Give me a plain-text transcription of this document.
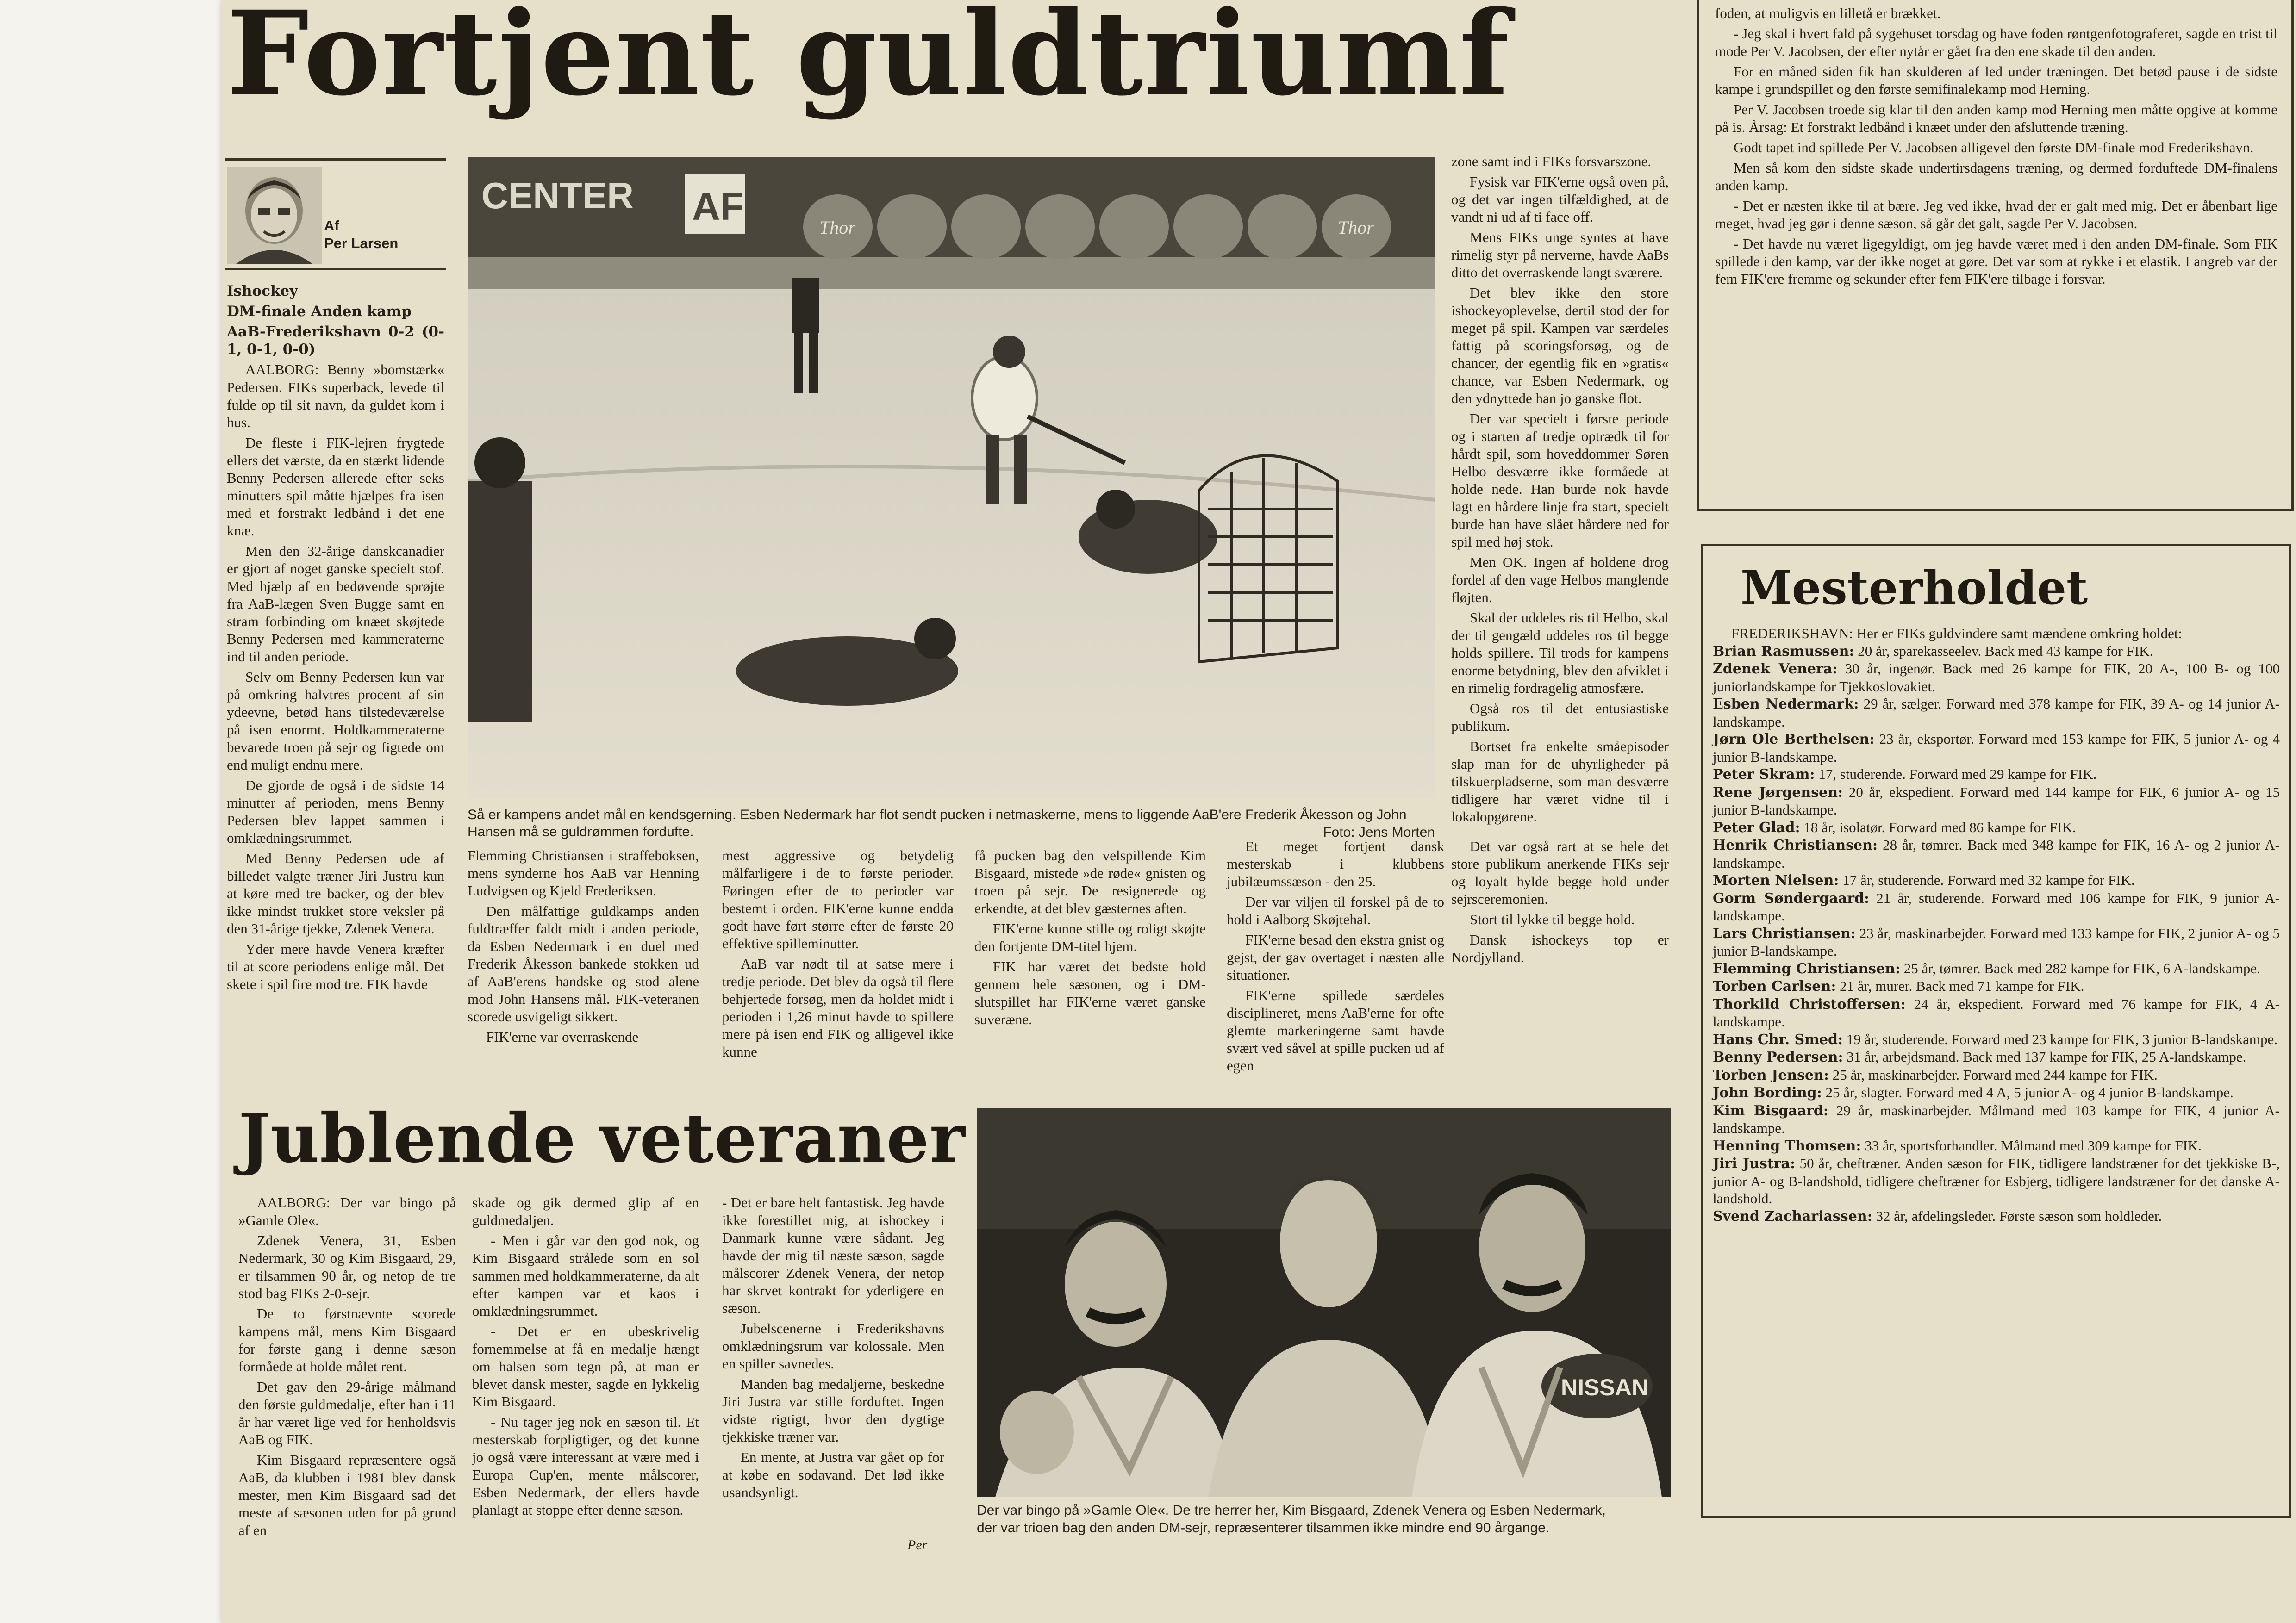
Fortjent guldtriumf
Af
Per Larsen

Ishockey

DM-finale Anden kamp

AaB-Frederikshavn 0-2 (0-1, 0-1, 0-0)

AALBORG: Benny »bomstærk« Pedersen. FIKs superback, levede til fulde op til sit navn, da guldet kom i hus.

De fleste i FIK-lejren frygtede ellers det værste, da en stærkt lidende Benny Pedersen allerede efter seks minutters spil måtte hjælpes fra isen med et forstrakt ledbånd i det ene knæ.

Men den 32-årige danskcanadier er gjort af noget ganske specielt stof. Med hjælp af en bedøvende sprøjte fra AaB-lægen Sven Bugge samt en stram forbinding om knæet skøjtede Benny Pedersen med kammeraterne ind til anden periode.

Selv om Benny Pedersen kun var på omkring halvtres procent af sin ydeevne, betød hans tilstedeværelse på isen enormt. Holdkammeraterne bevarede troen på sejr og figtede om end muligt endnu mere.

De gjorde de også i de sidste 14 minutter af perioden, mens Benny Pedersen blev lappet sammen i omklædningsrummet.

Med Benny Pedersen ude af billedet valgte træner Jiri Justru kun at køre med tre backer, og der blev ikke mindst trukket store veksler på den 31-årige tjekke, Zdenek Venera.

Yder mere havde Venera kræfter til at score periodens enlige mål. Det skete i spil fire mod tre. FIK havde

CENTER AF	Thor	Thor
Så er kampens andet mål en kendsgerning. Esben Nedermark har flot sendt pucken i netmaskerne, mens to liggende AaB'ere Frederik Åkesson og John Hansen må se guldrømmen forduftе.	Foto: Jens Morten

Flemming Christiansen i straffeboksen, mens synderne hos AaB var Henning Ludvigsen og Kjeld Frederiksen.

Den målfattige guldkamps anden fuldtræffer faldt midt i anden periode, da Esben Nedermark i en duel med Frederik Åkesson bankede stokken ud af AaB'erens handske og stod alene mod John Hansens mål. FIK-veteranen scorede usvigeligt sikkert.

FIK'erne var overraskende

mest aggressive og betydelig målfarligere i de to første perioder. Føringen efter de to perioder var bestemt i orden. FIK'erne kunne endda godt have ført større efter de første 20 effektive spilleminutter.

AaB var nødt til at satse mere i tredje periode. Det blev da også til flere behjertede forsøg, men da holdet midt i perioden i 1,26 minut havde to spillere mere på isen end FIK og alligevel ikke kunne

få pucken bag den velspillende Kim Bisgaard, mistede »de røde« gnisten og troen på sejr. De resignerede og erkendte, at det blev gæsternes aften.

FIK'erne kunne stille og roligt skøjte den fortjente DM-titel hjem.

FIK har været det bedste hold gennem hele sæsonen, og i DM-slutspillet har FIK'erne været ganske suveræne.

zone samt ind i FIKs forsvarszone.

Fysisk var FIK'erne også oven på, og det var ingen tilfældighed, at de vandt ni ud af ti face off.

Mens FIKs unge syntes at have rimelig styr på nerverne, havde AaBs ditto det overraskende langt sværere.

Det blev ikke den store ishockeyoplevelse, dertil stod der for meget på spil. Kampen var særdeles fattig på scoringsforsøg, og de chancer, der egentlig fik en »gratis« chance, var Esben Nedermark, og den ydnyttede han jo ganske flot.

Der var specielt i første periode og i starten af tredje optrædk til for hårdt spil, som hoveddommer Søren Helbo desværre ikke formåede at holde nede. Han burde nok havde lagt en hårdere linje fra start, specielt burde han have slået hårdere ned for spil med høj stok.

Men OK. Ingen af holdene drog fordel af den vage Helbos manglende fløjten.

Skal der uddeles ris til Helbo, skal der til gengæld uddeles ros til begge holds spillere. Til trods for kampens enorme betydning, blev den afviklet i en rimelig fordragelig atmosfære.

Også ros til det entusiastiske publikum.

Bortset fra enkelte småepisoder slap man for de uhyrligheder på tilskuerpladserne, som man desværre tidligere har været vidne til i lokalopgørene.

Et meget fortjent dansk mesterskab i klubbens jubilæumssæson - den 25.

Der var viljen til forskel på de to hold i Aalborg Skøjtehal.

FIK'erne besad den ekstra gnist og gejst, der gav overtaget i næsten alle situationer.

FIK'erne spillede særdeles disciplineret, mens AaB'erne for ofte glemte markeringerne samt havde svært ved såvel at spille pucken ud af egen

Det var også rart at se hele det store publikum anerkende FIKs sejr og loyalt hylde begge hold under sejrsceremonien.

Stort til lykke til begge hold.

Dansk ishockeys top er Nordjylland.

foden, at muligvis en lilletå er brækket.

- Jeg skal i hvert fald på sygehuset torsdag og have foden røntgenfotograferet, sagde en trist til mode Per V. Jacobsen, der efter nytår er gået fra den ene skade til den anden.

For en måned siden fik han skulderen af led under træningen. Det betød pause i de sidste kampe i grundspillet og den første semifinalekamp mod Herning.

Per V. Jacobsen troede sig klar til den anden kamp mod Herning men måtte opgive at komme på is. Årsag: Et forstrakt ledbånd i knæet under den afsluttende træning.

Godt tapet ind spillede Per V. Jacobsen alligevel den første DM-finale mod Frederikshavn.

Men så kom den sidste skade undertirsdagens træning, og dermed forduftede DM-finalens anden kamp.

- Det er næsten ikke til at bære. Jeg ved ikke, hvad der er galt med mig. Det er åbenbart lige meget, hvad jeg gør i denne sæson, så går det galt, sagde Per V. Jacobsen.

- Det havde nu været ligegyldigt, om jeg havde været med i den anden DM-finale. Som FIK spillede i den kamp, var der ikke noget at gøre. Det var som at rykke i et elastik. I angreb var der fem FIK'ere fremme og sekunder efter fem FIK'ere tilbage i forsvar.

Mesterholdet

FREDERIKSHAVN: Her er FIKs guldvindere samt mændene omkring holdet:

Brian Rasmussen: 20 år, sparekasseelev. Back med 43 kampe for FIK.

Zdenek Venera: 30 år, ingenør. Back med 26 kampe for FIK, 20 A-, 100 B- og 100 juniorlandskampe for Tjekkoslovakiet.

Esben Nedermark: 29 år, sælger. Forward med 378 kampe for FIK, 39 A- og 14 junior A-landskampe.

Jørn Ole Berthelsen: 23 år, eksportør. Forward med 153 kampe for FIK, 5 junior A- og 4 junior B-landskampe.

Peter Skram: 17, studerende. Forward med 29 kampe for FIK.

Rene Jørgensen: 20 år, ekspedient. Forward med 144 kampe for FIK, 6 junior A- og 15 junior B-landskampe.

Peter Glad: 18 år, isolatør. Forward med 86 kampe for FIK.

Henrik Christiansen: 28 år, tømrer. Back med 348 kampe for FIK, 16 A- og 2 junior A-landskampe.

Morten Nielsen: 17 år, studerende. Forward med 32 kampe for FIK.

Gorm Søndergaard: 21 år, studerende. Forward med 106 kampe for FIK, 9 junior A-landskampe.

Lars Christiansen: 23 år, maskinarbejder. Forward med 133 kampe for FIK, 2 junior A- og 5 junior B-landskampe.

Flemming Christiansen: 25 år, tømrer. Back med 282 kampe for FIK, 6 A-landskampe.

Torben Carlsen: 21 år, murer. Back med 71 kampe for FIK.

Thorkild Christoffersen: 24 år, ekspedient. Forward med 76 kampe for FIK, 4 A-landskampe.

Hans Chr. Smed: 19 år, studerende. Forward med 23 kampe for FIK, 3 junior B-landskampe.

Benny Pedersen: 31 år, arbejdsmand. Back med 137 kampe for FIK, 25 A-landskampe.

Torben Jensen: 25 år, maskinarbejder. Forward med 244 kampe for FIK.

John Bording: 25 år, slagter. Forward med 4 A, 5 junior A- og 4 junior B-landskampe.

Kim Bisgaard: 29 år, maskinarbejder. Målmand med 103 kampe for FIK, 4 junior A-landskampe.

Henning Thomsen: 33 år, sportsforhandler. Målmand med 309 kampe for FIK.

Jiri Justra: 50 år, cheftræner. Anden sæson for FIK, tidligere landstræner for det tjekkiske B-, junior A- og B-landshold, tidligere cheftræner for Esbjerg, tidligere landstræner for det danske A-landshold.

Svend Zachariassen: 32 år, afdelingsleder. Første sæson som holdleder.

Jublende veteraner

AALBORG: Der var bingo på »Gamle Ole«.

Zdenek Venera, 31, Esben Nedermark, 30 og Kim Bisgaard, 29, er tilsammen 90 år, og netop de tre stod bag FIKs 2-0-sejr.

De to førstnævnte scorede kampens mål, mens Kim Bisgaard for første gang i denne sæson formåede at holde målet rent.

Det gav den 29-årige målmand den første guldmedalje, efter han i 11 år har været lige ved for henholdsvis AaB og FIK.

Kim Bisgaard repræsentere også AaB, da klubben i 1981 blev dansk mester, men Kim Bisgaard sad det meste af sæsonen uden for på grund af en

skade og gik dermed glip af en guldmedaljen.

- Men i går var den god nok, og Kim Bisgaard strålede som en sol sammen med holdkammeraterne, da alt efter kampen var et kaos i omklædningsrummet.

- Det er en ubeskrivelig fornemmelse at få en medalje hængt om halsen som tegn på, at man er blevet dansk mester, sagde en lykkelig Kim Bisgaard.

- Nu tager jeg nok en sæson til. Et mesterskab forpligtiger, og det kunne jo også være interessant at være med i Europa Cup'en, mente målscorer, Esben Nedermark, der ellers havde planlagt at stoppe efter denne sæson.

- Det er bare helt fantastisk. Jeg havde ikke forestillet mig, at ishockey i Danmark kunne være sådant. Jeg havde der mig til næste sæson, sagde målscorer Zdenek Venera, der netop har skrvet kontrakt for yderligere en sæson.

Jubelscenerne i Frederikshavns omklædningsrum var kolossale. Men en spiller savnedes.

Manden bag medaljerne, beskedne Jiri Justra var stille forduftet. Ingen vidste rigtigt, hvor den dygtige tjekkiske træner var.

En mente, at Justra var gået op for at købe en sodavand. Det lød ikke usandsynligt.

Per
NISSAN
Der var bingo på »Gamle Ole«. De tre herrer her, Kim Bisgaard, Zdenek Venera og Esben Nedermark,
der var trioen bag den anden DM-sejr, repræsenterer tilsammen ikke mindre end 90 årgange.
